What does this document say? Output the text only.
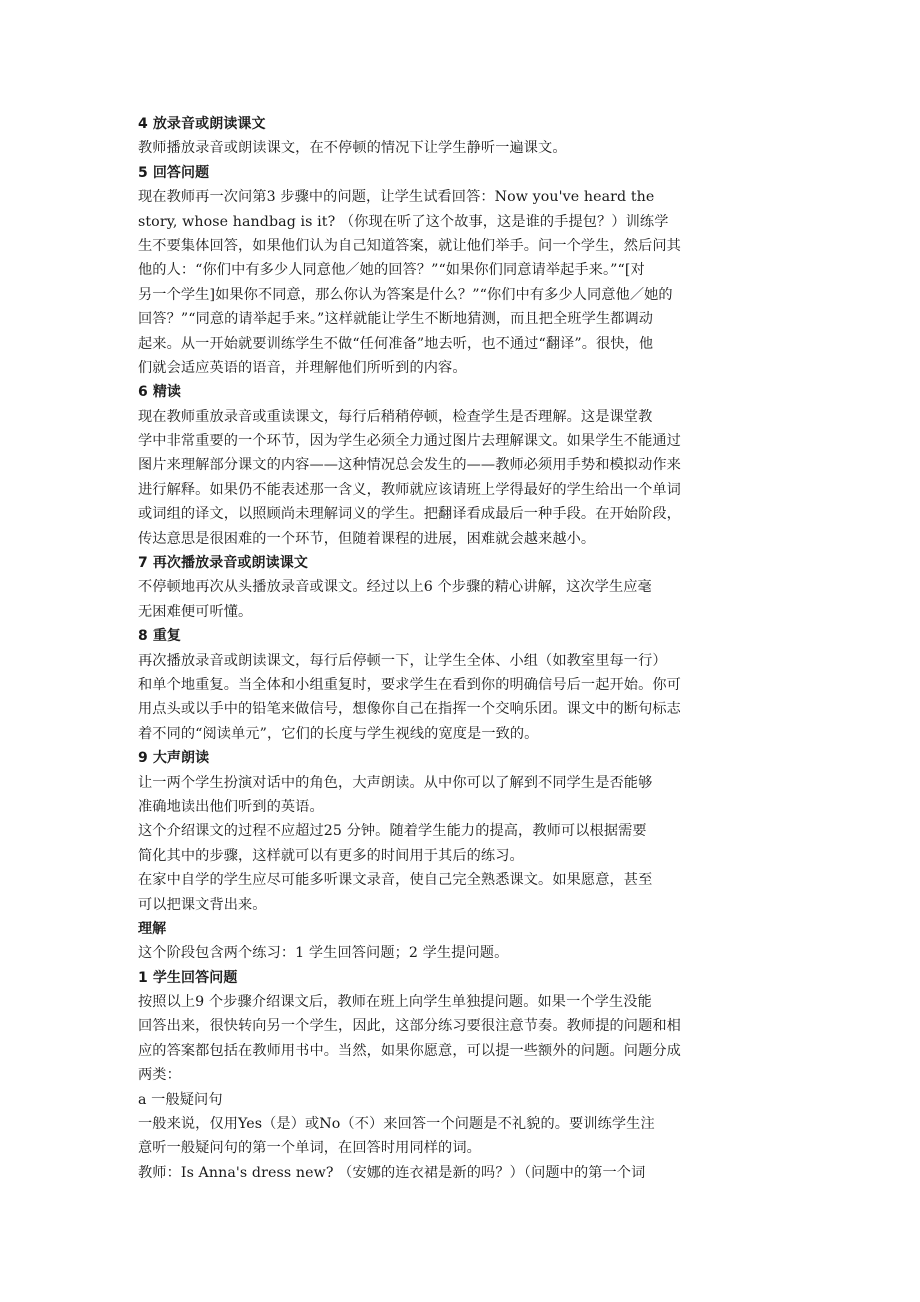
4 放录音或朗读课文
教师播放录音或朗读课文，在不停顿的情况下让学生静听一遍课文。
5 回答问题
现在教师再一次问第3 步骤中的问题，让学生试看回答：Now you've heard the
story, whose handbag is it? （你现在听了这个故事，这是谁的手提包？）训练学
生不要集体回答，如果他们认为自己知道答案，就让他们举手。问一个学生，然后问其
他的人：“你们中有多少人同意他／她的回答？”“如果你们同意请举起手来。”“[对
另一个学生]如果你不同意，那么你认为答案是什么？”“你们中有多少人同意他／她的
回答？”“同意的请举起手来。”这样就能让学生不断地猜测，而且把全班学生都调动
起来。从一开始就要训练学生不做“任何准备”地去听，也不通过“翻译”。很快，他
们就会适应英语的语音，并理解他们所听到的内容。
6 精读
现在教师重放录音或重读课文，每行后稍稍停顿，检查学生是否理解。这是课堂教
学中非常重要的一个环节，因为学生必须全力通过图片去理解课文。如果学生不能通过
图片来理解部分课文的内容——这种情况总会发生的——教师必须用手势和模拟动作来
进行解释。如果仍不能表述那一含义，教师就应该请班上学得最好的学生给出一个单词
或词组的译文，以照顾尚未理解词义的学生。把翻译看成最后一种手段。在开始阶段，
传达意思是很困难的一个环节，但随着课程的进展，困难就会越来越小。
7 再次播放录音或朗读课文
不停顿地再次从头播放录音或课文。经过以上6 个步骤的精心讲解，这次学生应毫
无困难便可听懂。
8 重复
再次播放录音或朗读课文，每行后停顿一下，让学生全体、小组（如教室里每一行）
和单个地重复。当全体和小组重复时，要求学生在看到你的明确信号后一起开始。你可
用点头或以手中的铅笔来做信号，想像你自己在指挥一个交响乐团。课文中的断句标志
着不同的“阅读单元”，它们的长度与学生视线的宽度是一致的。
9 大声朗读
让一两个学生扮演对话中的角色，大声朗读。从中你可以了解到不同学生是否能够
准确地读出他们听到的英语。
这个介绍课文的过程不应超过25 分钟。随着学生能力的提高，教师可以根据需要
简化其中的步骤，这样就可以有更多的时间用于其后的练习。
在家中自学的学生应尽可能多听课文录音，使自己完全熟悉课文。如果愿意，甚至
可以把课文背出来。
理解
这个阶段包含两个练习：1 学生回答问题；2 学生提问题。
1 学生回答问题
按照以上9 个步骤介绍课文后，教师在班上向学生单独提问题。如果一个学生没能
回答出来，很快转向另一个学生，因此，这部分练习要很注意节奏。教师提的问题和相
应的答案都包括在教师用书中。当然，如果你愿意，可以提一些额外的问题。问题分成
两类：
a 一般疑问句
一般来说，仅用Yes（是）或No（不）来回答一个问题是不礼貌的。要训练学生注
意听一般疑问句的第一个单词，在回答时用同样的词。
教师：Is Anna's dress new? （安娜的连衣裙是新的吗？）（问题中的第一个词
